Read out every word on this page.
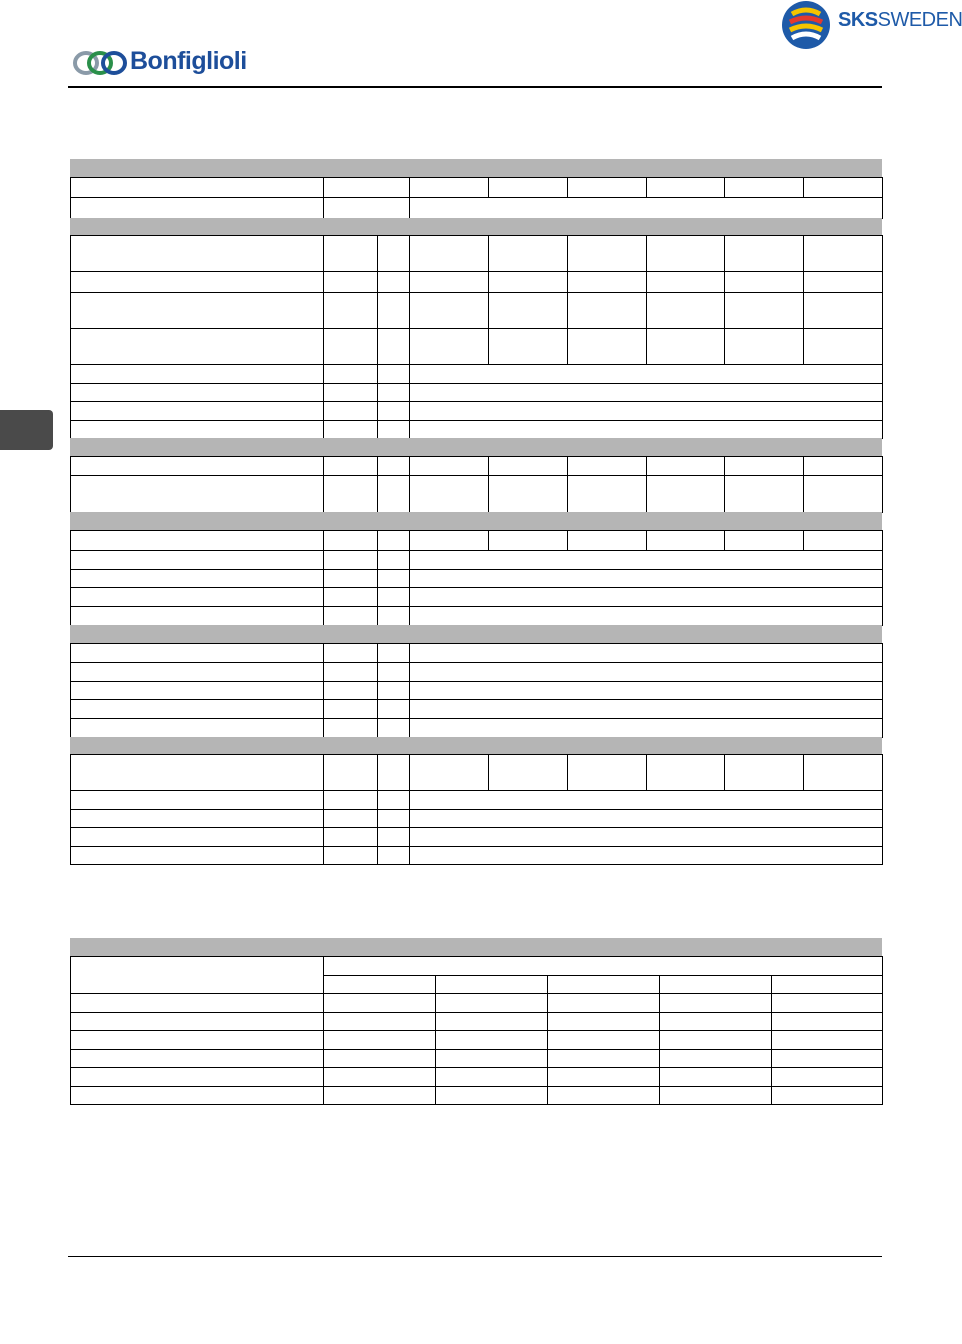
Bonfiglioli
SKSSWEDEN
